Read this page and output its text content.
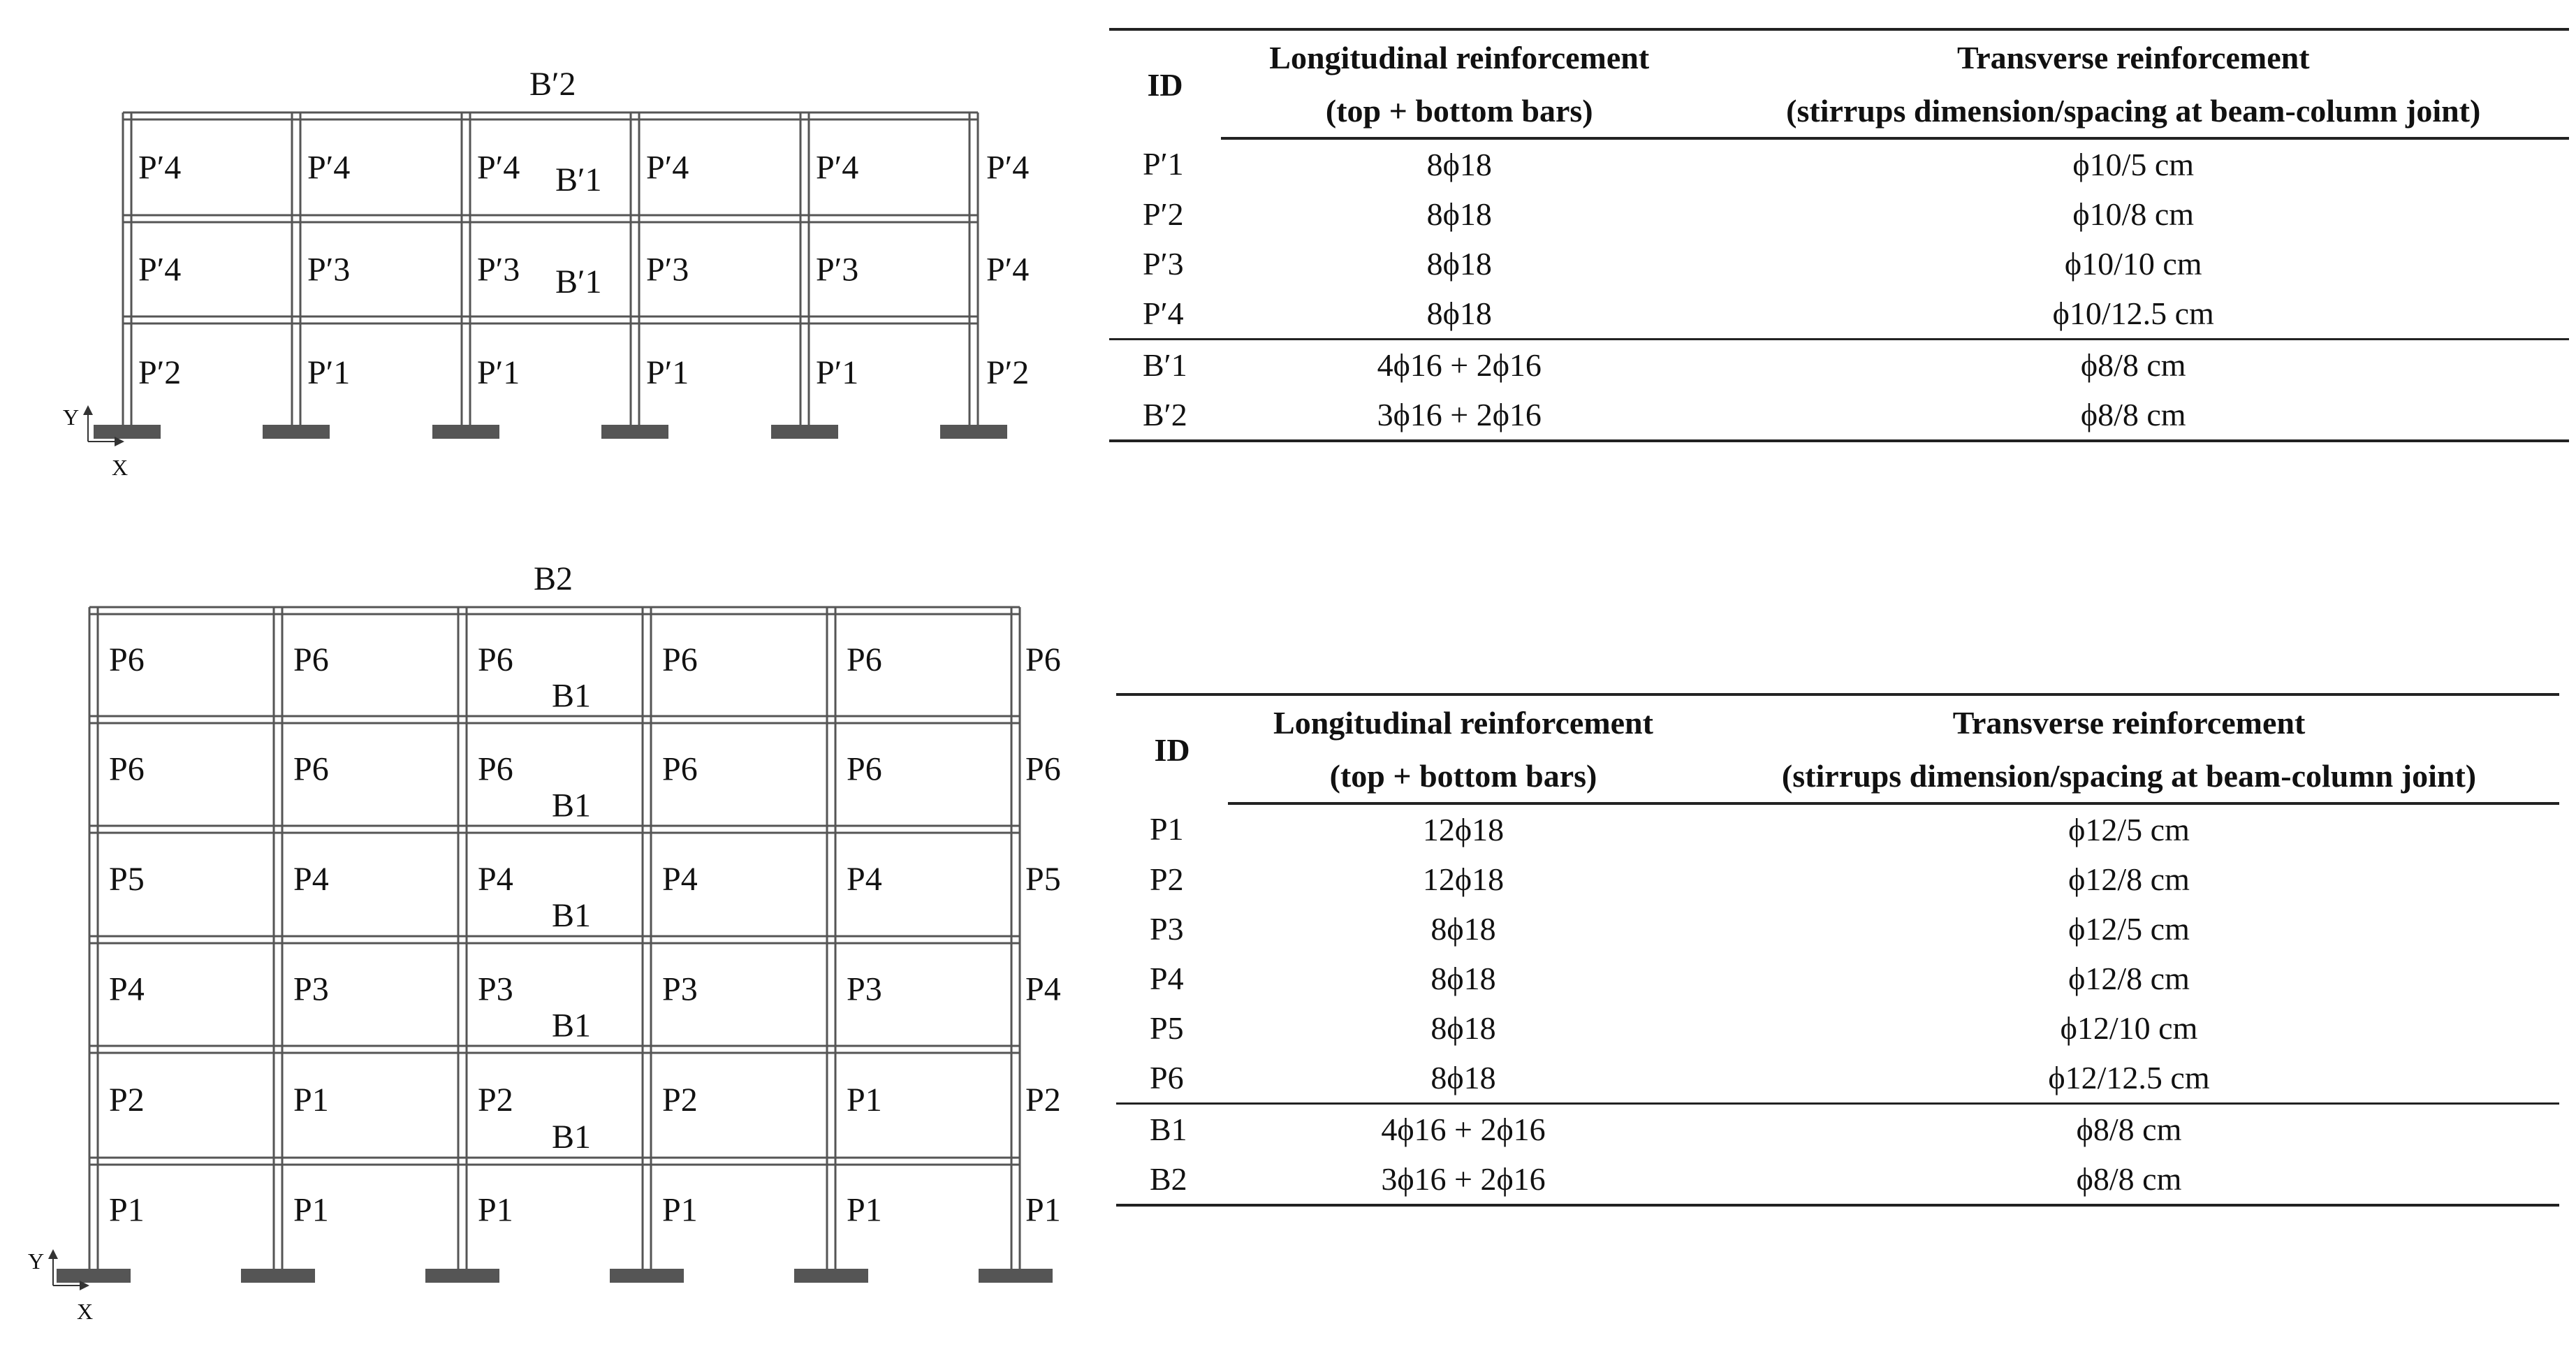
B′2
P′4	P′4	P′4	P′4	P′4	P′4
P′4	P′3	P′3	P′3	P′3	P′4
P′2	P′1	P′1	P′1	P′1	P′2
B′1
B′1
Y
X
B2
P6	P6	P6	P6	P6	P6
P6	P6	P6	P6	P6	P6
P5	P4	P4	P4	P4	P5
P4	P3	P3	P3	P3	P4
P2	P1	P2	P2	P1	P2
P1	P1	P1	P1	P1	P1
B1
B1
B1
B1
B1
Y
X
ID	Longitudinal reinforcement	Transverse reinforcement
	(top + bottom bars)	(stirrups dimension/spacing at beam-column joint)
P′1	8ϕ18	ϕ10/5 cm
P′2	8ϕ18	ϕ10/8 cm
P′3	8ϕ18	ϕ10/10 cm
P′4	8ϕ18	ϕ10/12.5 cm
B′1	4ϕ16 + 2ϕ16	ϕ8/8 cm
B′2	3ϕ16 + 2ϕ16	ϕ8/8 cm
ID	Longitudinal reinforcement	Transverse reinforcement
	(top + bottom bars)	(stirrups dimension/spacing at beam-column joint)
P1	12ϕ18	ϕ12/5 cm
P2	12ϕ18	ϕ12/8 cm
P3	8ϕ18	ϕ12/5 cm
P4	8ϕ18	ϕ12/8 cm
P5	8ϕ18	ϕ12/10 cm
P6	8ϕ18	ϕ12/12.5 cm
B1	4ϕ16 + 2ϕ16	ϕ8/8 cm
B2	3ϕ16 + 2ϕ16	ϕ8/8 cm
